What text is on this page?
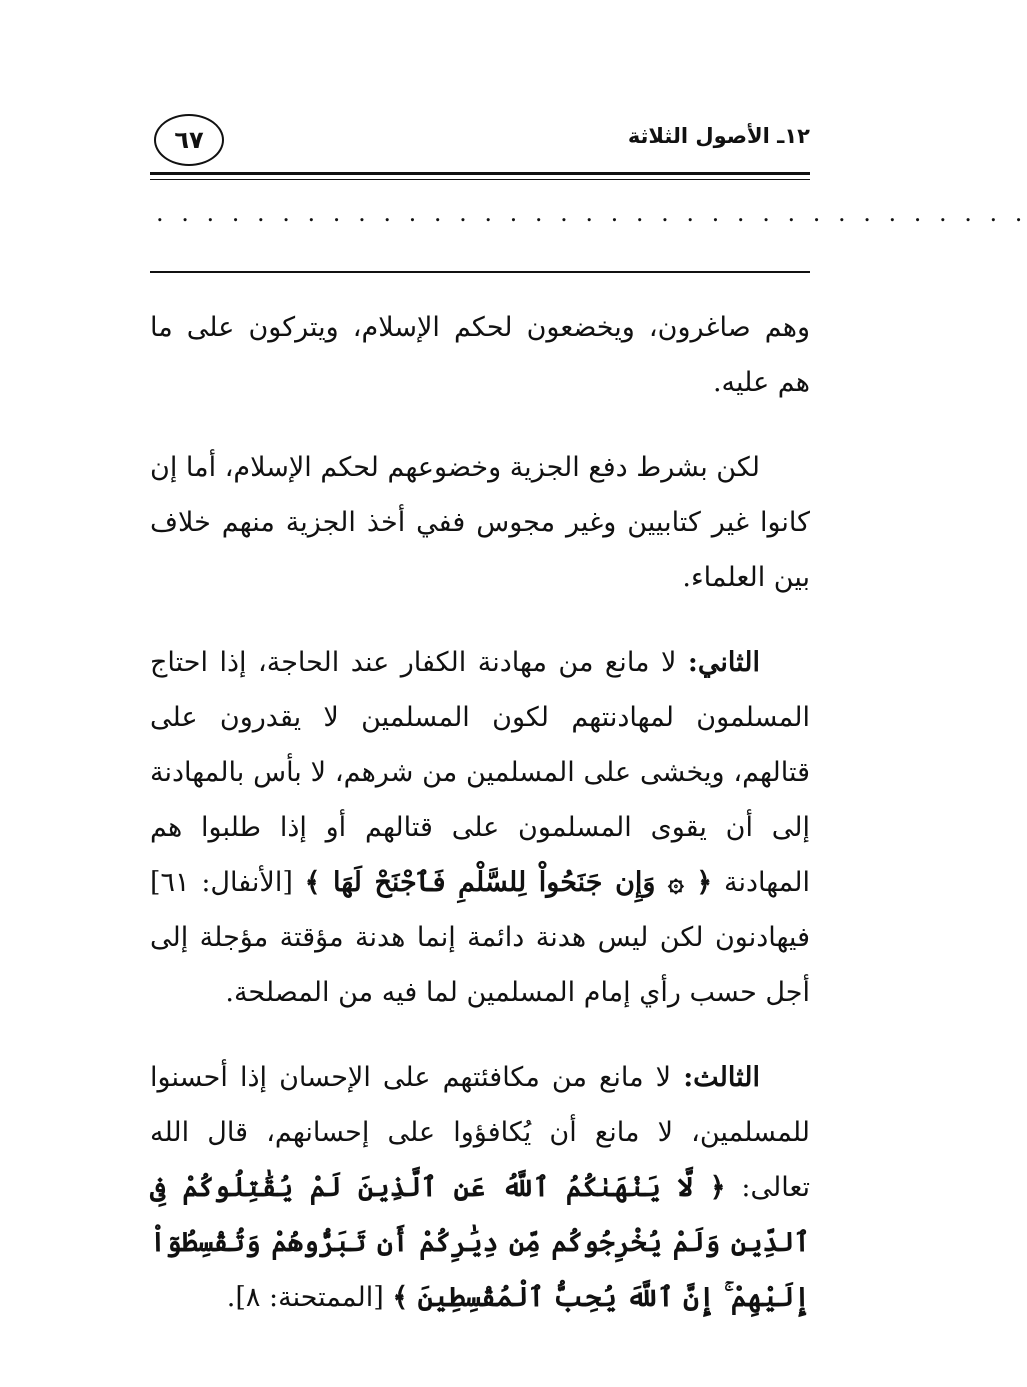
١٢ـ الأصول الثلاثة
٦٧
. . . . . . . . . . . . . . . . . . . . . . . . . . . . . . . . . . .

وهم صاغرون، ويخضعون لحكم الإسلام، ويتركون على ما هم عليه.

لكن بشرط دفع الجزية وخضوعهم لحكم الإسلام، أما إن كانوا غير كتابيين وغير مجوس ففي أخذ الجزية منهم خلاف بين العلماء.

الثاني: لا مانع من مهادنة الكفار عند الحاجة، إذا احتاج المسلمون لمهادنتهم لكون المسلمين لا يقدرون على قتالهم، ويخشى على المسلمين من شرهم، لا بأس بالمهادنة إلى أن يقوى المسلمون على قتالهم أو إذا طلبوا هم المهادنة ﴿ ۞ وَإِن جَنَحُواْ لِلسَّلْمِ فَٱجْنَحْ لَهَا ﴾ [الأنفال: ٦١] فيهادنون لكن ليس هدنة دائمة إنما هدنة مؤقتة مؤجلة إلى أجل حسب رأي إمام المسلمين لما فيه من المصلحة.

الثالث: لا مانع من مكافئتهم على الإحسان إذا أحسنوا للمسلمين، لا مانع أن يُكافؤوا على إحسانهم، قال الله تعالى: ﴿ لَّا يَنْهَىٰكُمُ ٱللَّهُ عَنِ ٱلَّذِينَ لَمْ يُقَٰتِلُوكُمْ فِى ٱلدِّينِ وَلَمْ يُخْرِجُوكُم مِّن دِيَٰرِكُمْ أَن تَبَرُّوهُمْ وَتُقْسِطُوٓاْ إِلَيْهِمْ ۚ إِنَّ ٱللَّهَ يُحِبُّ ٱلْمُقْسِطِينَ ﴾ [الممتحنة: ٨].
